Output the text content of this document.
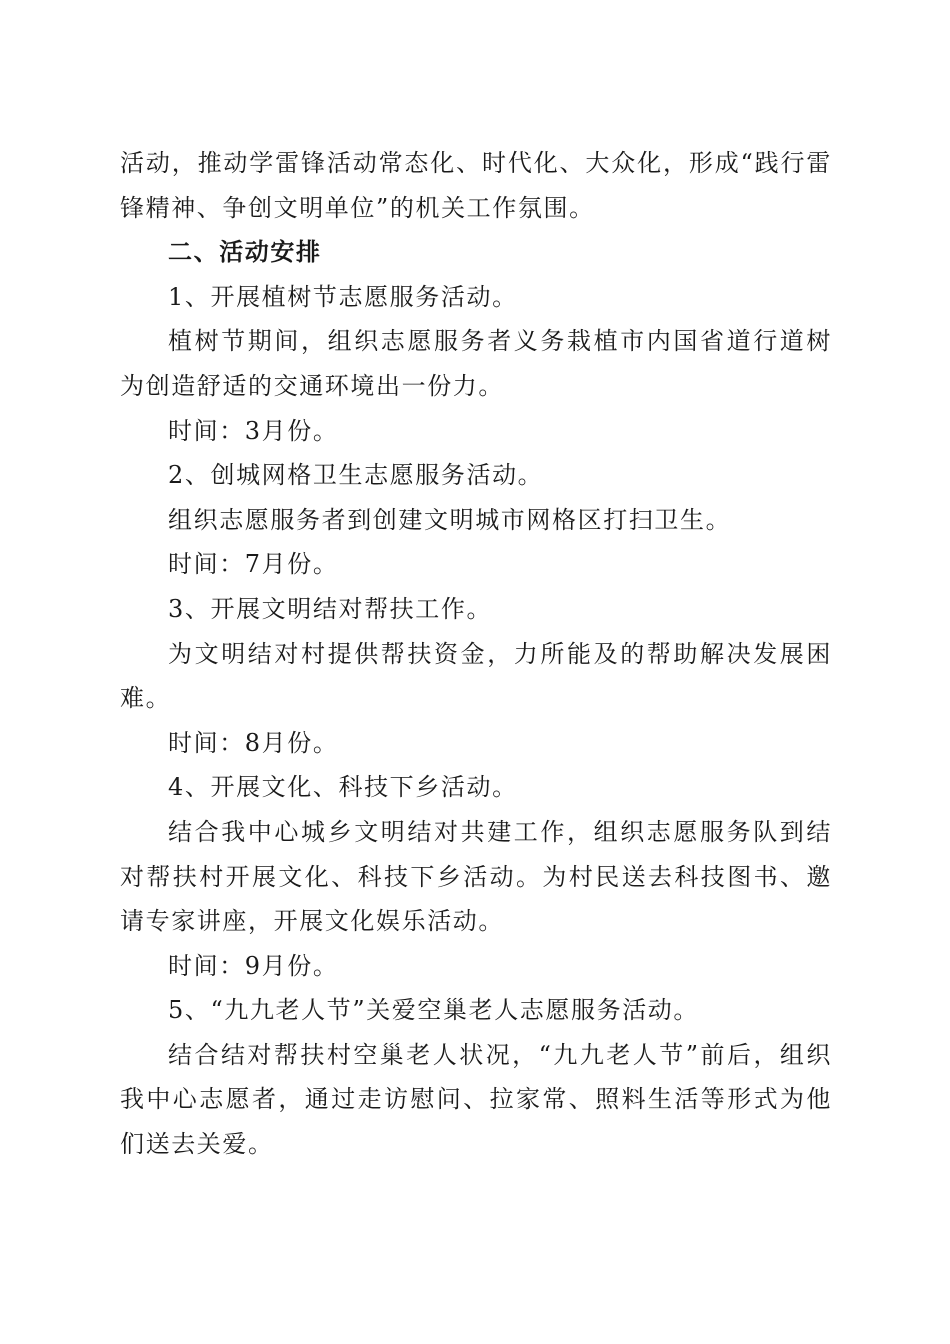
活动，推动学雷锋活动常态化、时代化、大众化，形成“践行雷锋精神、争创文明单位”的机关工作氛围。

二、活动安排

1、开展植树节志愿服务活动。

植树节期间，组织志愿服务者义务栽植市内国省道行道树为创造舒适的交通环境出一份力。

时间：3月份。

2、创城网格卫生志愿服务活动。

组织志愿服务者到创建文明城市网格区打扫卫生。

时间：7月份。

3、开展文明结对帮扶工作。

为文明结对村提供帮扶资金，力所能及的帮助解决发展困难。

时间：8月份。

4、开展文化、科技下乡活动。

结合我中心城乡文明结对共建工作，组织志愿服务队到结对帮扶村开展文化、科技下乡活动。为村民送去科技图书、邀请专家讲座，开展文化娱乐活动。

时间：9月份。

5、“九九老人节”关爱空巢老人志愿服务活动。

结合结对帮扶村空巢老人状况，“九九老人节”前后，组织我中心志愿者，通过走访慰问、拉家常、照料生活等形式为他们送去关爱。
